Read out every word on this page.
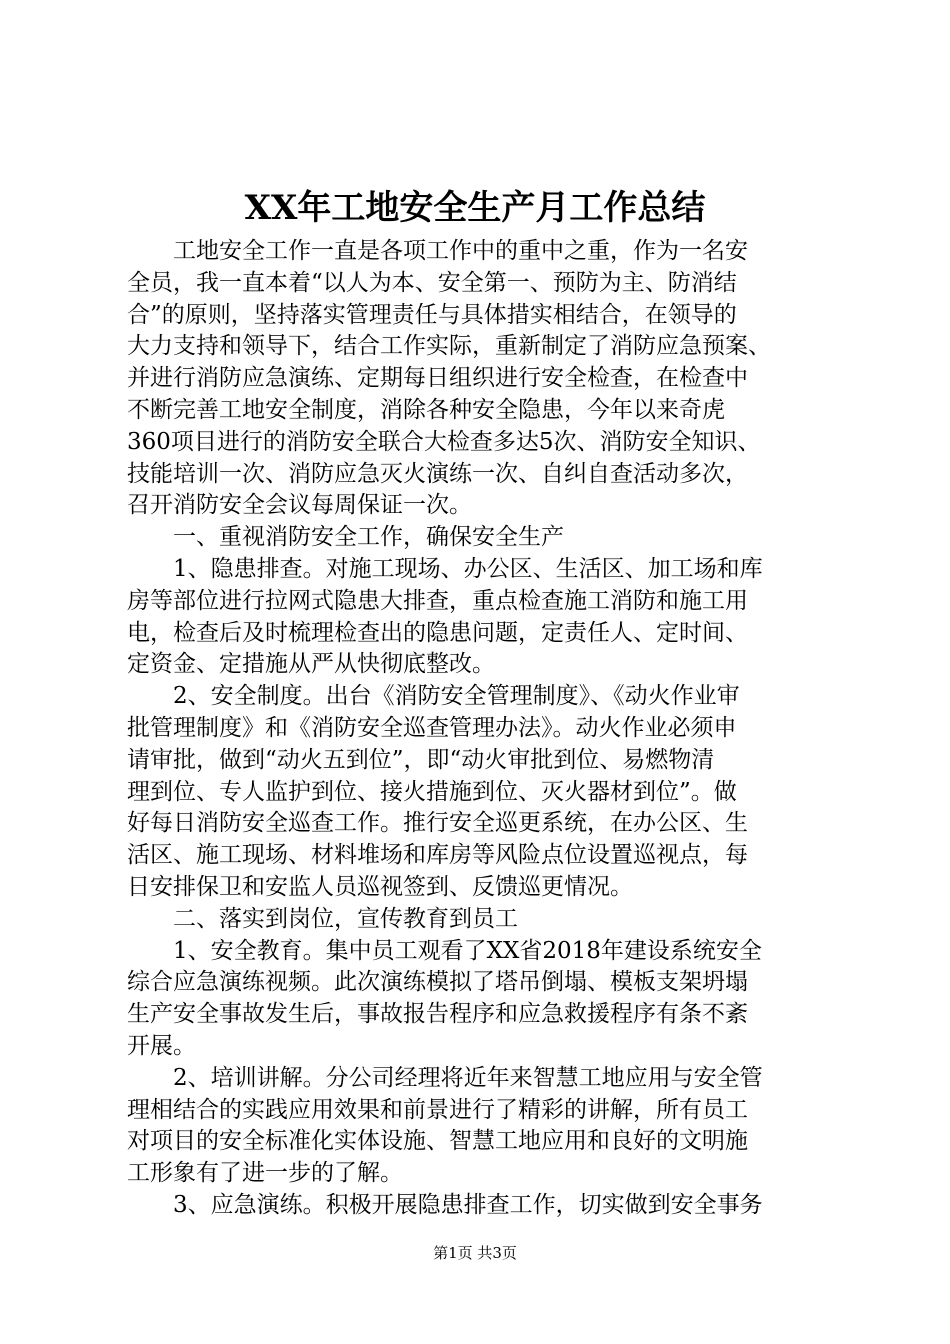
XX年工地安全生产月工作总结
　　工地安全工作一直是各项工作中的重中之重，作为一名安
全员，我一直本着“以人为本、安全第一、预防为主、防消结
合”的原则，坚持落实管理责任与具体措实相结合，在领导的
大力支持和领导下，结合工作实际，重新制定了消防应急预案、
并进行消防应急演练、定期每日组织进行安全检查，在检查中
不断完善工地安全制度，消除各种安全隐患，今年以来奇虎
360项目进行的消防安全联合大检查多达5次、消防安全知识、
技能培训一次、消防应急灭火演练一次、自纠自查活动多次，
召开消防安全会议每周保证一次。
　　一、重视消防安全工作，确保安全生产
　　1、隐患排查。对施工现场、办公区、生活区、加工场和库
房等部位进行拉网式隐患大排查，重点检查施工消防和施工用
电，检查后及时梳理检查出的隐患问题，定责任人、定时间、
定资金、定措施从严从快彻底整改。
　　2、安全制度。出台《消防安全管理制度》、《动火作业审
批管理制度》和《消防安全巡查管理办法》。动火作业必须申
请审批，做到“动火五到位”，即“动火审批到位、易燃物清
理到位、专人监护到位、接火措施到位、灭火器材到位”。做
好每日消防安全巡查工作。推行安全巡更系统，在办公区、生
活区、施工现场、材料堆场和库房等风险点位设置巡视点，每
日安排保卫和安监人员巡视签到、反馈巡更情况。
　　二、落实到岗位，宣传教育到员工
　　1、安全教育。集中员工观看了XX省2018年建设系统安全
综合应急演练视频。此次演练模拟了塔吊倒塌、模板支架坍塌
生产安全事故发生后，事故报告程序和应急救援程序有条不紊
开展。
　　2、培训讲解。分公司经理将近年来智慧工地应用与安全管
理相结合的实践应用效果和前景进行了精彩的讲解，所有员工
对项目的安全标准化实体设施、智慧工地应用和良好的文明施
工形象有了进一步的了解。
　　3、应急演练。积极开展隐患排查工作，切实做到安全事务
第1页 共3页
